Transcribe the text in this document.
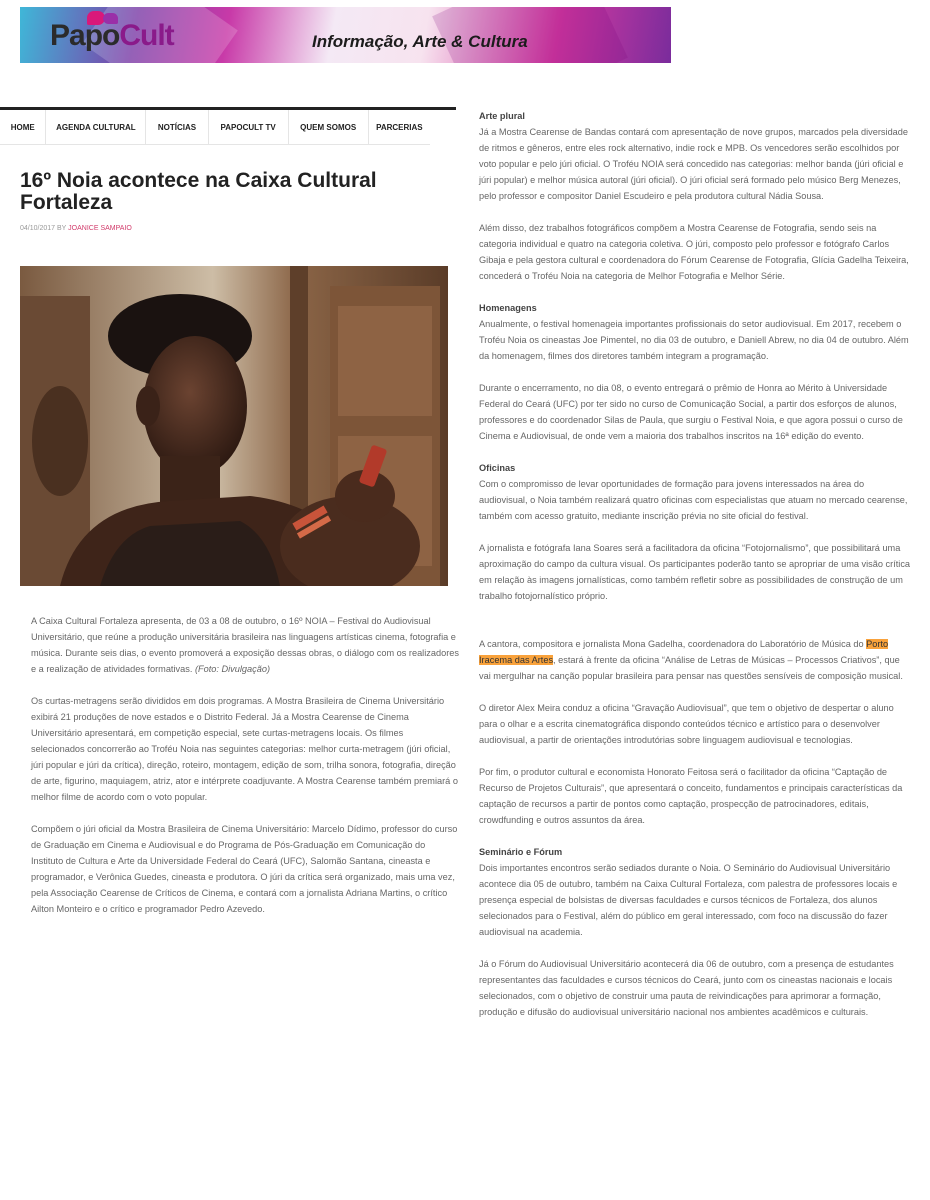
PapoCult	Informação, Arte & Cultura
HOME	AGENDA CULTURAL	NOTÍCIAS	PAPOCULT TV	QUEM SOMOS	PARCERIAS
16º Noia acontece na Caixa Cultural Fortaleza
04/10/2017 BY JOANICE SAMPAIO

A Caixa Cultural Fortaleza apresenta, de 03 a 08 de outubro, o 16º NOIA – Festival do Audiovisual Universitário, que reúne a produção universitária brasileira nas linguagens artísticas cinema, fotografia e música. Durante seis dias, o evento promoverá a exposição dessas obras, o diálogo com os realizadores e a realização de atividades formativas. (Foto: Divulgação)

Os curtas-metragens serão divididos em dois programas. A Mostra Brasileira de Cinema Universitário exibirá 21 produções de nove estados e o Distrito Federal. Já a Mostra Cearense de Cinema Universitário apresentará, em competição especial, sete curtas-metragens locais. Os filmes selecionados concorrerão ao Troféu Noia nas seguintes categorias: melhor curta-metragem (júri oficial, júri popular e júri da crítica), direção, roteiro, montagem, edição de som, trilha sonora, fotografia, direção de arte, figurino, maquiagem, atriz, ator e intérprete coadjuvante. A Mostra Cearense também premiará o melhor filme de acordo com o voto popular.

Compõem o júri oficial da Mostra Brasileira de Cinema Universitário: Marcelo Dídimo, professor do curso de Graduação em Cinema e Audiovisual e do Programa de Pós-Graduação em Comunicação do Instituto de Cultura e Arte da Universidade Federal do Ceará (UFC), Salomão Santana, cineasta e programador, e Verônica Guedes, cineasta e produtora. O júri da crítica será organizado, mais uma vez, pela Associação Cearense de Críticos de Cinema, e contará com a jornalista Adriana Martins, o crítico Ailton Monteiro e o crítico e programador Pedro Azevedo.

Arte plural

Já a Mostra Cearense de Bandas contará com apresentação de nove grupos, marcados pela diversidade de ritmos e gêneros, entre eles rock alternativo, indie rock e MPB. Os vencedores serão escolhidos por voto popular e pelo júri oficial. O Troféu NOIA será concedido nas categorias: melhor banda (júri oficial e júri popular) e melhor música autoral (júri oficial). O júri oficial será formado pelo músico Berg Menezes, pelo professor e compositor Daniel Escudeiro e pela produtora cultural Nádia Sousa.

Além disso, dez trabalhos fotográficos compõem a Mostra Cearense de Fotografia, sendo seis na categoria individual e quatro na categoria coletiva. O júri, composto pelo professor e fotógrafo Carlos Gibaja e pela gestora cultural e coordenadora do Fórum Cearense de Fotografia, Glícia Gadelha Teixeira, concederá o Troféu Noia na categoria de Melhor Fotografia e Melhor Série.

Homenagens

Anualmente, o festival homenageia importantes profissionais do setor audiovisual. Em 2017, recebem o Troféu Noia os cineastas Joe Pimentel, no dia 03 de outubro, e Daniell Abrew, no dia 04 de outubro. Além da homenagem, filmes dos diretores também integram a programação.

Durante o encerramento, no dia 08, o evento entregará o prêmio de Honra ao Mérito à Universidade Federal do Ceará (UFC) por ter sido no curso de Comunicação Social, a partir dos esforços de alunos, professores e do coordenador Silas de Paula, que surgiu o Festival Noia, e que agora possui o curso de Cinema e Audiovisual, de onde vem a maioria dos trabalhos inscritos na 16ª edição do evento.

Oficinas

Com o compromisso de levar oportunidades de formação para jovens interessados na área do audiovisual, o Noia também realizará quatro oficinas com especialistas que atuam no mercado cearense, também com acesso gratuito, mediante inscrição prévia no site oficial do festival.

A jornalista e fotógrafa Iana Soares será a facilitadora da oficina “Fotojornalismo”, que possibilitará uma aproximação do campo da cultura visual. Os participantes poderão tanto se apropriar de uma visão crítica em relação às imagens jornalísticas, como também refletir sobre as possibilidades de construção de um trabalho fotojornalístico próprio.

A cantora, compositora e jornalista Mona Gadelha, coordenadora do Laboratório de Música do Porto Iracema das Artes, estará à frente da oficina “Análise de Letras de Músicas – Processos Criativos”, que vai mergulhar na canção popular brasileira para pensar nas questões sensíveis de composição musical.

O diretor Alex Meira conduz a oficina “Gravação Audiovisual”, que tem o objetivo de despertar o aluno para o olhar e a escrita cinematográfica dispondo conteúdos técnico e artístico para o desenvolver audiovisual, a partir de orientações introdutórias sobre linguagem audiovisual e tecnologias.

Por fim, o produtor cultural e economista Honorato Feitosa será o facilitador da oficina “Captação de Recurso de Projetos Culturais”, que apresentará o conceito, fundamentos e principais características da captação de recursos a partir de pontos como captação, prospecção de patrocinadores, editais, crowdfunding e outros assuntos da área.

Seminário e Fórum

Dois importantes encontros serão sediados durante o Noia. O Seminário do Audiovisual Universitário acontece dia 05 de outubro, também na Caixa Cultural Fortaleza, com palestra de professores locais e presença especial de bolsistas de diversas faculdades e cursos técnicos de Fortaleza, dos alunos selecionados para o Festival, além do público em geral interessado, com foco na discussão do fazer audiovisual na academia.

Já o Fórum do Audiovisual Universitário acontecerá dia 06 de outubro, com a presença de estudantes representantes das faculdades e cursos técnicos do Ceará, junto com os cineastas nacionais e locais selecionados, com o objetivo de construir uma pauta de reivindicações para aprimorar a formação, produção e difusão do audiovisual universitário nacional nos ambientes acadêmicos e culturais.
